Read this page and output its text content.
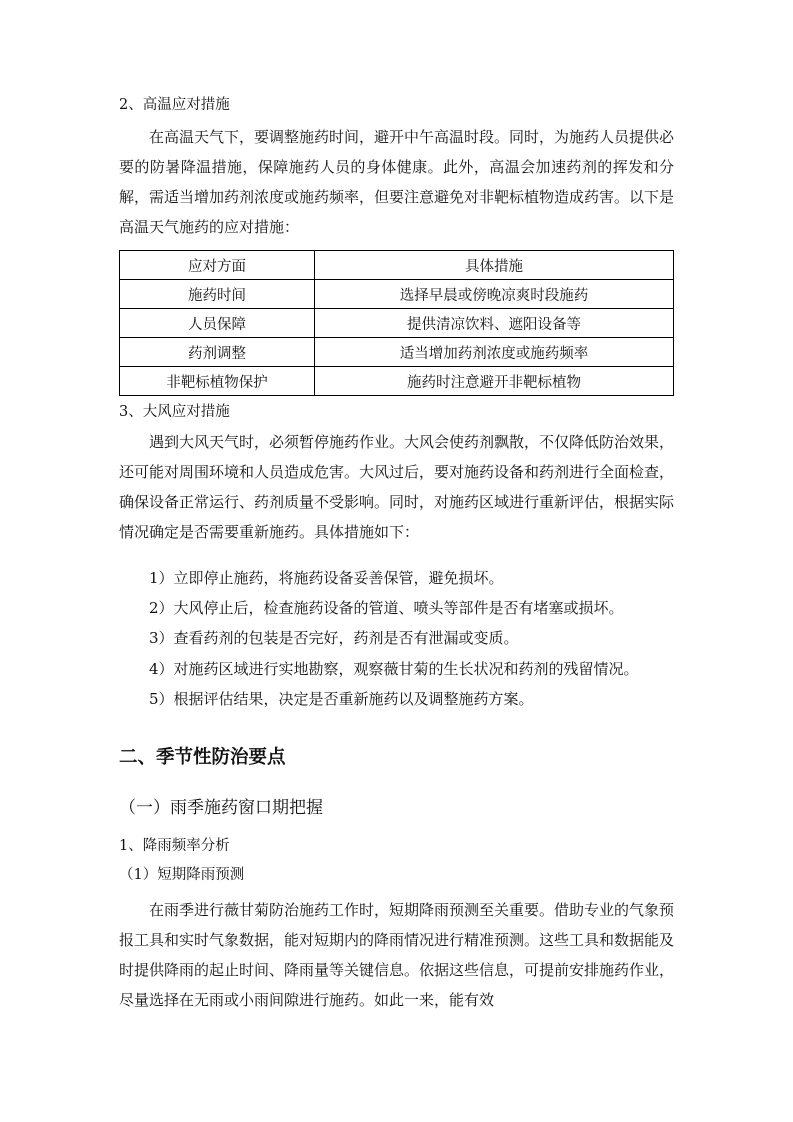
2、高温应对措施
在高温天气下，要调整施药时间，避开中午高温时段。同时，为施药人员提供必要的防暑降温措施，保障施药人员的身体健康。此外，高温会加速药剂的挥发和分解，需适当增加药剂浓度或施药频率，但要注意避免对非靶标植物造成药害。以下是高温天气施药的应对措施：
应对方面	具体措施
施药时间	选择早晨或傍晚凉爽时段施药
人员保障	提供清凉饮料、遮阳设备等
药剂调整	适当增加药剂浓度或施药频率
非靶标植物保护	施药时注意避开非靶标植物
3、大风应对措施
遇到大风天气时，必须暂停施药作业。大风会使药剂飘散，不仅降低防治效果，还可能对周围环境和人员造成危害。大风过后，要对施药设备和药剂进行全面检查，确保设备正常运行、药剂质量不受影响。同时，对施药区域进行重新评估，根据实际情况确定是否需要重新施药。具体措施如下：
1）立即停止施药，将施药设备妥善保管，避免损坏。
2）大风停止后，检查施药设备的管道、喷头等部件是否有堵塞或损坏。
3）查看药剂的包装是否完好，药剂是否有泄漏或变质。
4）对施药区域进行实地勘察，观察薇甘菊的生长状况和药剂的残留情况。
5）根据评估结果，决定是否重新施药以及调整施药方案。
二、季节性防治要点
（一）雨季施药窗口期把握
1、降雨频率分析
（1）短期降雨预测
在雨季进行薇甘菊防治施药工作时，短期降雨预测至关重要。借助专业的气象预报工具和实时气象数据，能对短期内的降雨情况进行精准预测。这些工具和数据能及时提供降雨的起止时间、降雨量等关键信息。依据这些信息，可提前安排施药作业，尽量选择在无雨或小雨间隙进行施药。如此一来，能有效
